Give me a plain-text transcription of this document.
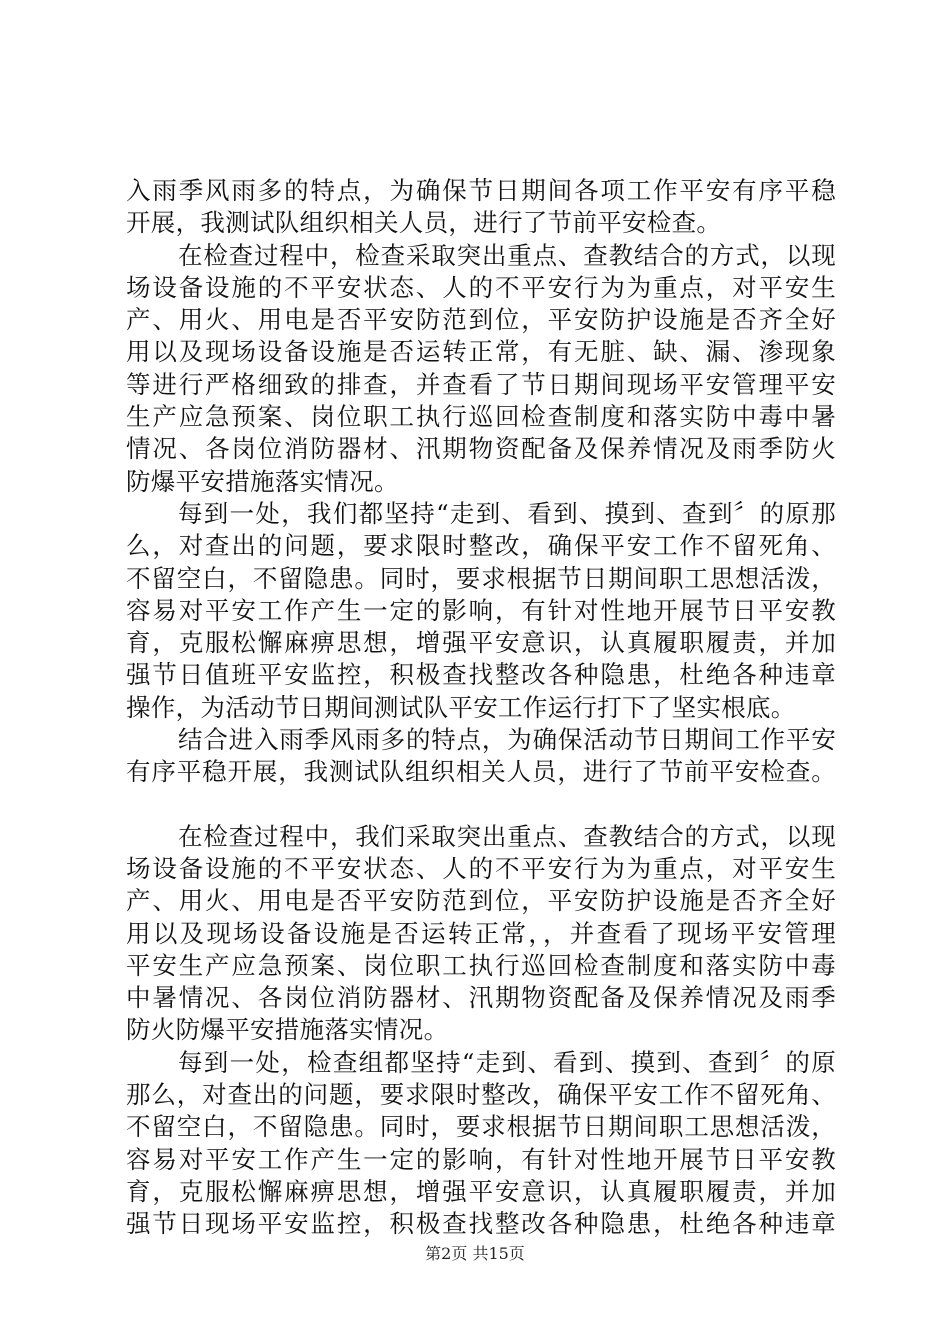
入雨季风雨多的特点，为确保节日期间各项工作平安有序平稳
开展，我测试队组织相关人员，进行了节前平安检查。
在检查过程中，检查采取突出重点、查教结合的方式，以现
场设备设施的不平安状态、人的不平安行为为重点，对平安生
产、用火、用电是否平安防范到位，平安防护设施是否齐全好
用以及现场设备设施是否运转正常，有无脏、缺、漏、渗现象
等进行严格细致的排查，并查看了节日期间现场平安管理平安
生产应急预案、岗位职工执行巡回检查制度和落实防中毒中暑
情况、各岗位消防器材、汛期物资配备及保养情况及雨季防火
防爆平安措施落实情况。
每到一处，我们都坚持“走到、看到、摸到、查到〞的原那
么，对查出的问题，要求限时整改，确保平安工作不留死角、
不留空白，不留隐患。同时，要求根据节日期间职工思想活泼，
容易对平安工作产生一定的影响，有针对性地开展节日平安教
育，克服松懈麻痹思想，增强平安意识，认真履职履责，并加
强节日值班平安监控，积极查找整改各种隐患，杜绝各种违章
操作，为活动节日期间测试队平安工作运行打下了坚实根底。
结合进入雨季风雨多的特点，为确保活动节日期间工作平安
有序平稳开展，我测试队组织相关人员，进行了节前平安检查。
在检查过程中，我们采取突出重点、查教结合的方式，以现
场设备设施的不平安状态、人的不平安行为为重点，对平安生
产、用火、用电是否平安防范到位，平安防护设施是否齐全好
用以及现场设备设施是否运转正常，，并查看了现场平安管理
平安生产应急预案、岗位职工执行巡回检查制度和落实防中毒
中暑情况、各岗位消防器材、汛期物资配备及保养情况及雨季
防火防爆平安措施落实情况。
每到一处，检查组都坚持“走到、看到、摸到、查到〞的原
那么，对查出的问题，要求限时整改，确保平安工作不留死角、
不留空白，不留隐患。同时，要求根据节日期间职工思想活泼，
容易对平安工作产生一定的影响，有针对性地开展节日平安教
育，克服松懈麻痹思想，增强平安意识，认真履职履责，并加
强节日现场平安监控，积极查找整改各种隐患，杜绝各种违章
第2页 共15页
